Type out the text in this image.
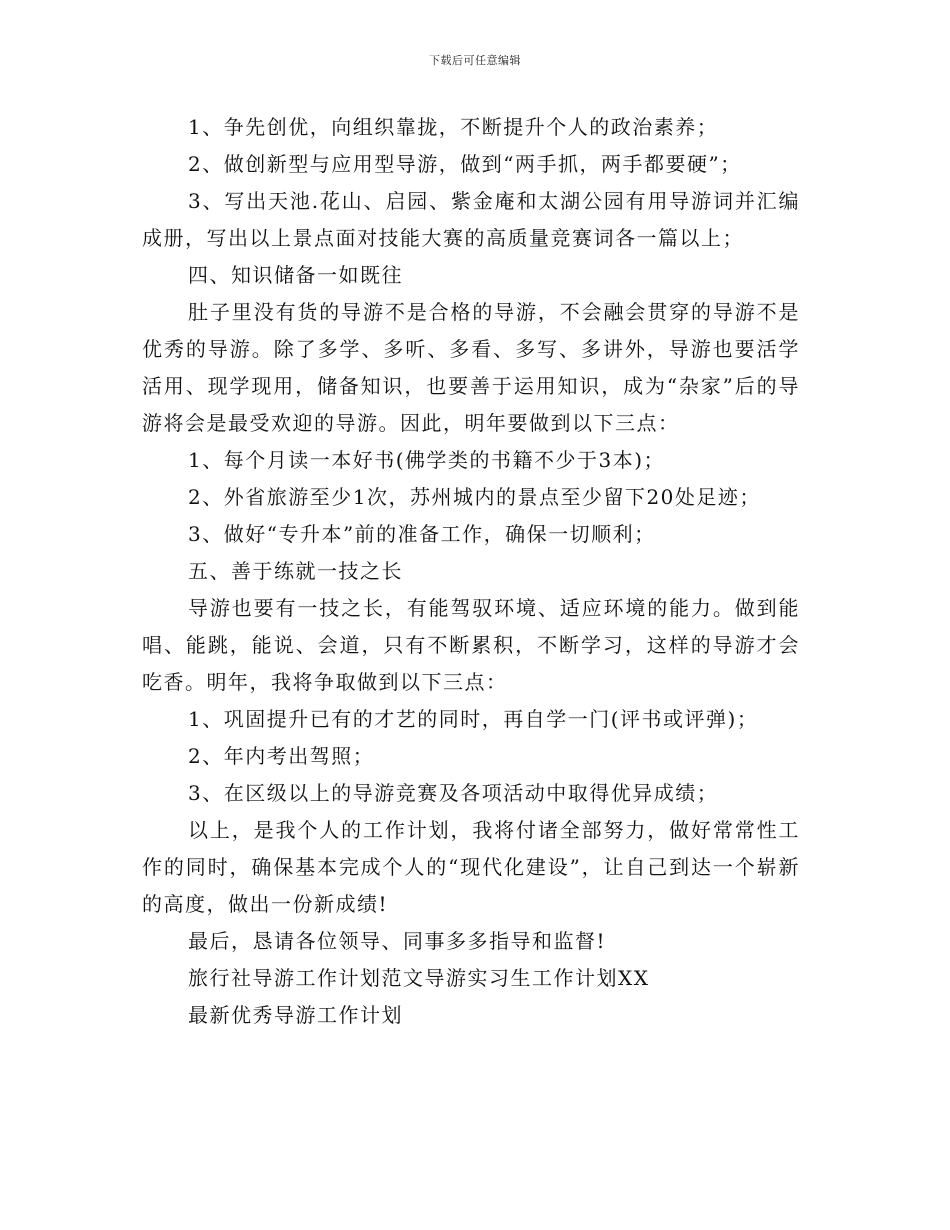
下载后可任意编辑

1、争先创优，向组织靠拢，不断提升个人的政治素养；

2、做创新型与应用型导游，做到“两手抓，两手都要硬”；

3、写出天池.花山、启园、紫金庵和太湖公园有用导游词并汇编成册，写出以上景点面对技能大赛的高质量竞赛词各一篇以上；

四、知识储备一如既往

肚子里没有货的导游不是合格的导游，不会融会贯穿的导游不是优秀的导游。除了多学、多听、多看、多写、多讲外，导游也要活学活用、现学现用，储备知识，也要善于运用知识，成为“杂家”后的导游将会是最受欢迎的导游。因此，明年要做到以下三点：

1、每个月读一本好书(佛学类的书籍不少于3本)；

2、外省旅游至少1次，苏州城内的景点至少留下20处足迹；

3、做好“专升本”前的准备工作，确保一切顺利；

五、善于练就一技之长

导游也要有一技之长，有能驾驭环境、适应环境的能力。做到能唱、能跳，能说、会道，只有不断累积，不断学习，这样的导游才会吃香。明年，我将争取做到以下三点：

1、巩固提升已有的才艺的同时，再自学一门(评书或评弹)；

2、年内考出驾照；

3、在区级以上的导游竞赛及各项活动中取得优异成绩；

以上，是我个人的工作计划，我将付诸全部努力，做好常常性工作的同时，确保基本完成个人的“现代化建设”，让自己到达一个崭新的高度，做出一份新成绩!

最后，恳请各位领导、同事多多指导和监督!

旅行社导游工作计划范文导游实习生工作计划XX

最新优秀导游工作计划
